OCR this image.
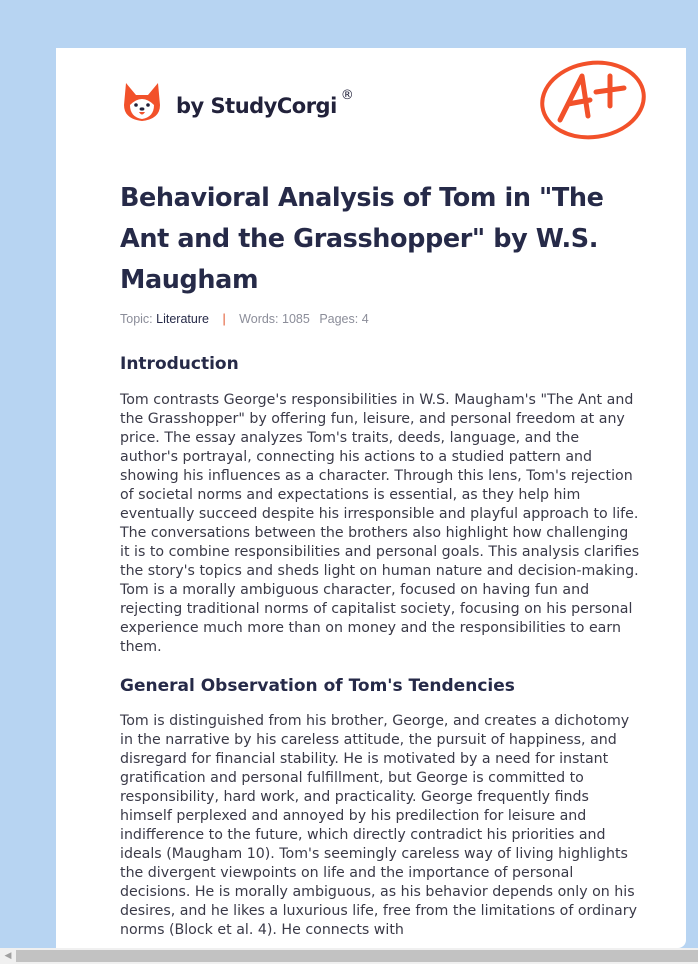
by StudyCorgi ®
Behavioral Analysis of Tom in "The Ant and the Grasshopper" by W.S. Maugham
Topic: Literature | Words: 1085 Pages: 4
Introduction

Tom contrasts George's responsibilities in W.S. Maugham's "The Ant and the Grasshopper" by offering fun, leisure, and personal freedom at any price. The essay analyzes Tom's traits, deeds, language, and the author's portrayal, connecting his actions to a studied pattern and showing his influences as a character. Through this lens, Tom's rejection of societal norms and expectations is essential, as they help him eventually succeed despite his irresponsible and playful approach to life. The conversations between the brothers also highlight how challenging it is to combine responsibilities and personal goals. This analysis clarifies the story's topics and sheds light on human nature and decision-making. Tom is a morally ambiguous character, focused on having fun and rejecting traditional norms of capitalist society, focusing on his personal experience much more than on money and the responsibilities to earn them.

General Observation of Tom's Tendencies

Tom is distinguished from his brother, George, and creates a dichotomy in the narrative by his careless attitude, the pursuit of happiness, and disregard for financial stability. He is motivated by a need for instant gratification and personal fulfillment, but George is committed to responsibility, hard work, and practicality. George frequently finds himself perplexed and annoyed by his predilection for leisure and indifference to the future, which directly contradict his priorities and ideals (Maugham 10). Tom's seemingly careless way of living highlights the divergent viewpoints on life and the importance of personal decisions. He is morally ambiguous, as his behavior depends only on his desires, and he likes a luxurious life, free from the limitations of ordinary norms (Block et al. 4). He connects with

◀
